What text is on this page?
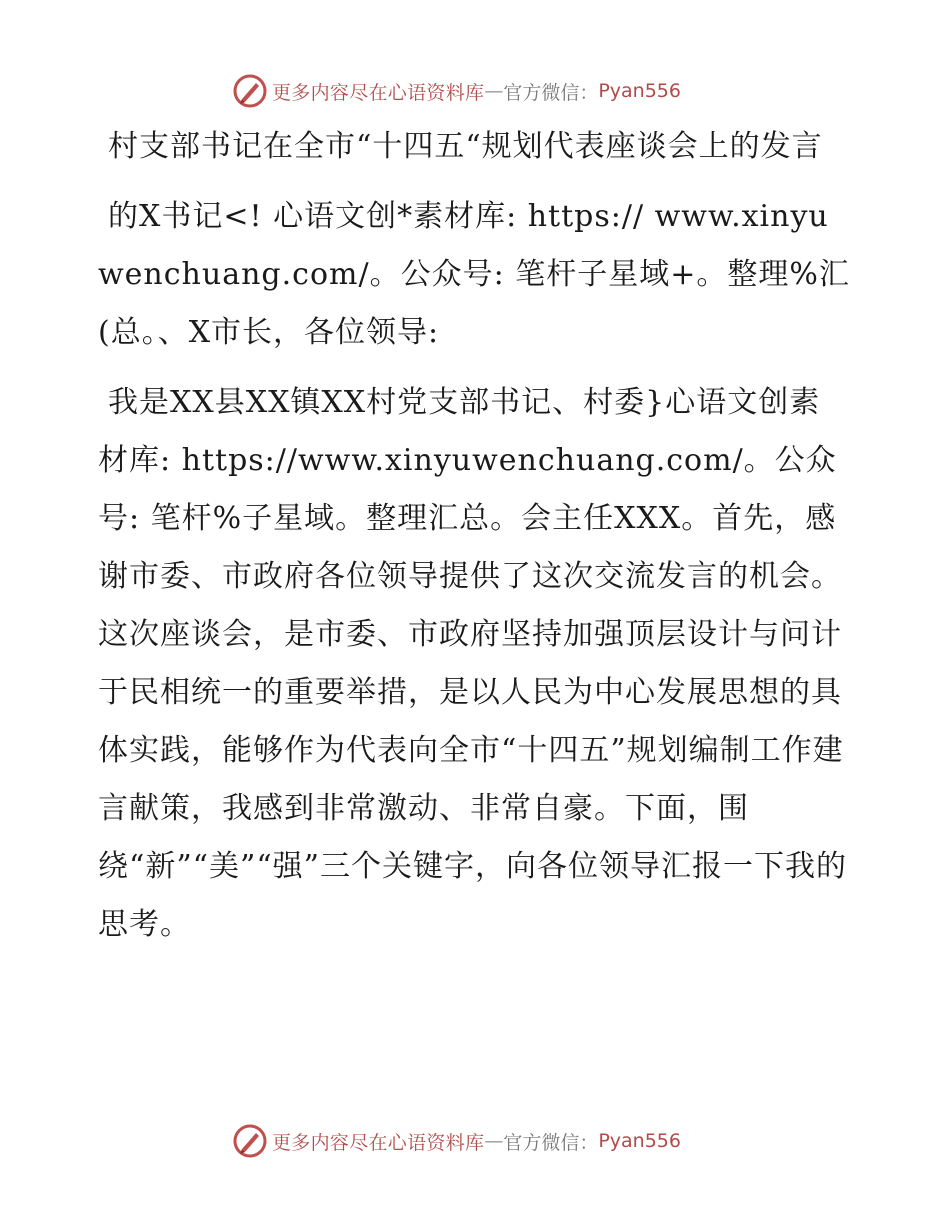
更多内容尽在心语资料库 — 官方微信： Pyan556

村支部书记在全市“十四五“规划代表座谈会上的发言

的X书记<! 心语文创*素材库: https:// www.xinyuwenchuang.com/。公众号: 笔杆子星域+。整理%汇(总。、X市长，各位领导:

我是XX县XX镇XX村党支部书记、村委}心语文创素材库: https://www.xinyuwenchuang.com/。公众号: 笔杆%子星域。整理汇总。会主任XXX。首先，感谢市委、市政府各位领导提供了这次交流发言的机会。这次座谈会，是市委、市政府坚持加强顶层设计与问计于民相统一的重要举措，是以人民为中心发展思想的具体实践，能够作为代表向全市“十四五”规划编制工作建言献策，我感到非常激动、非常自豪。下面，围

绕“新”“美”“强”三个关键字，向各位领导汇报一下我的思考。

更多内容尽在心语资料库 — 官方微信： Pyan556
